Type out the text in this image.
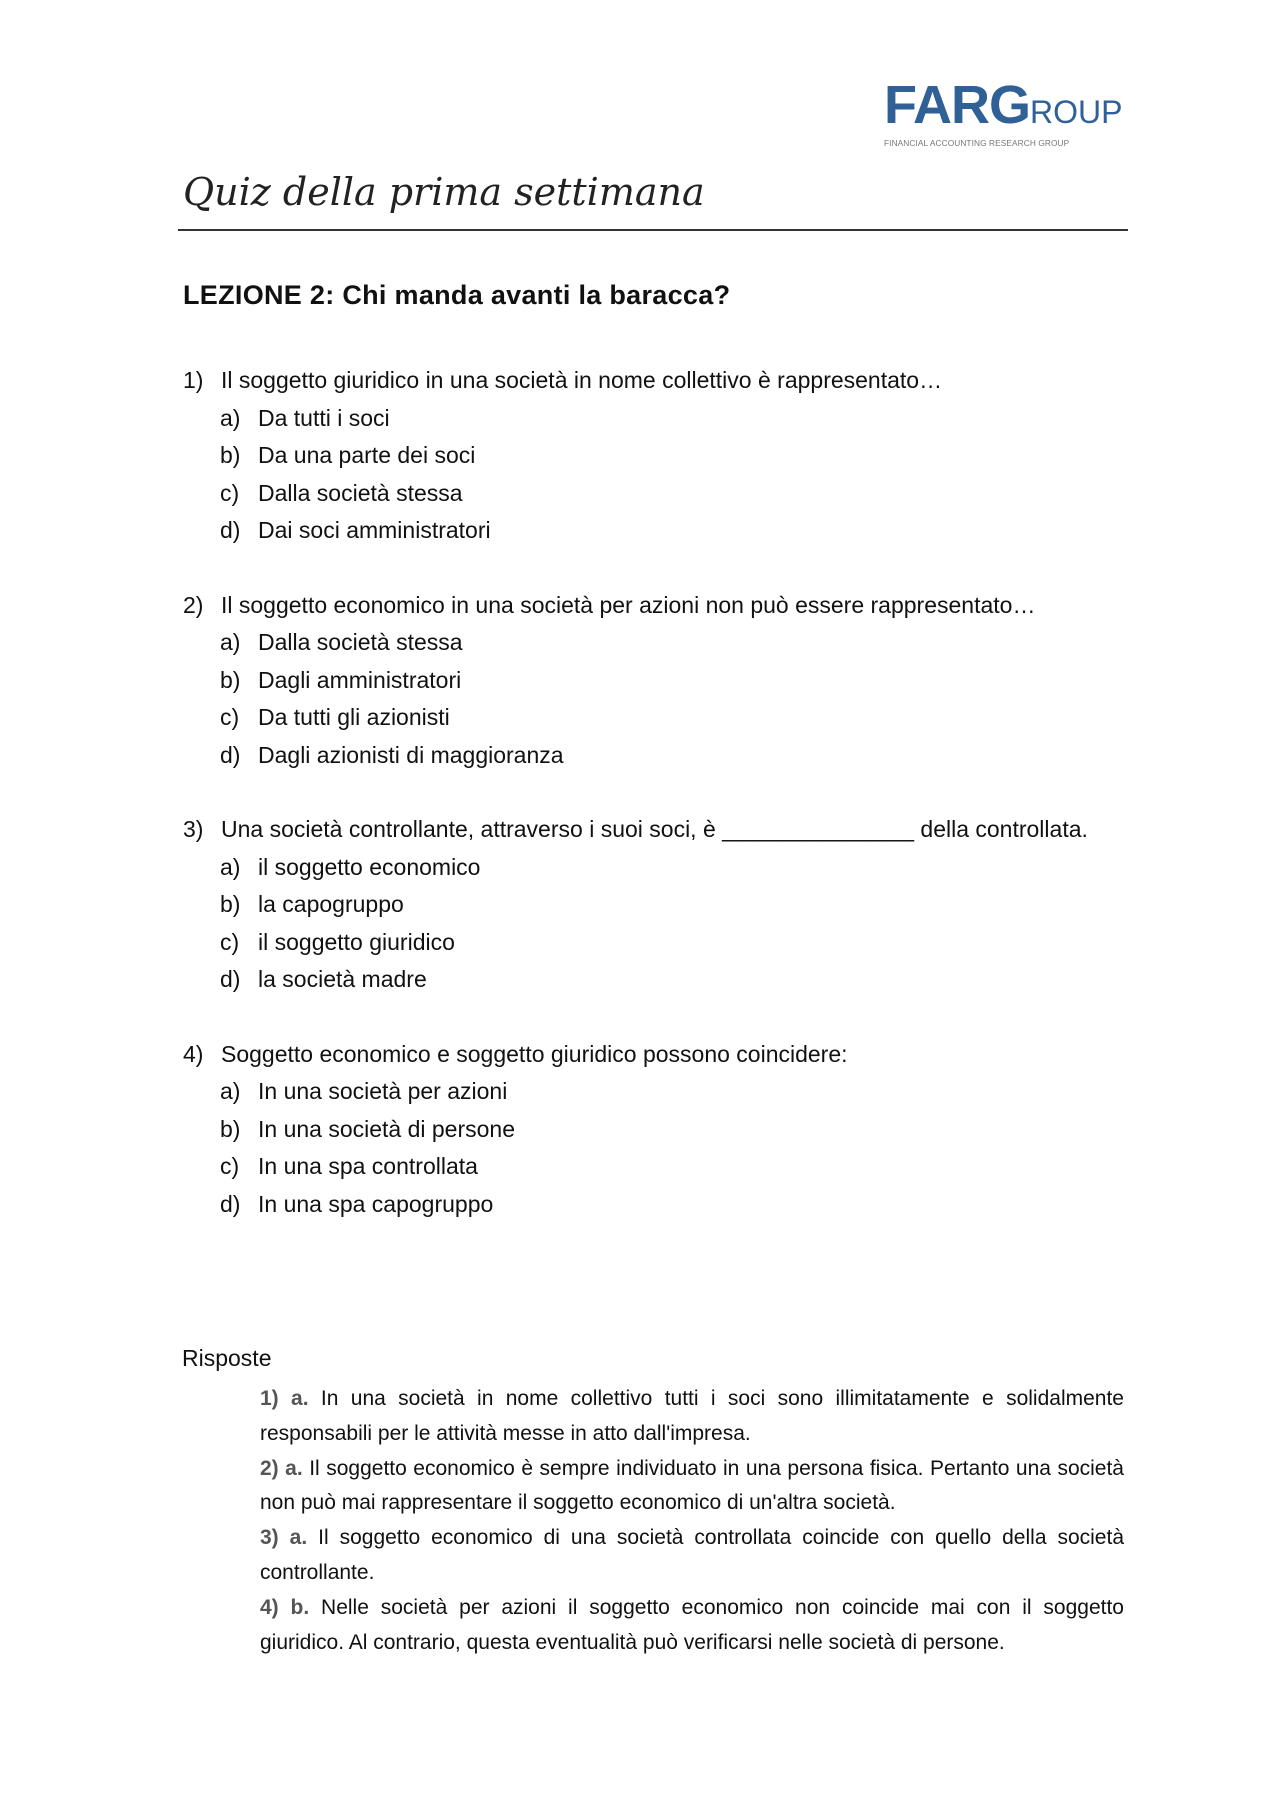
FARGROUP
FINANCIAL ACCOUNTING RESEARCH GROUP
Quiz della prima settimana
LEZIONE 2: Chi manda avanti la baracca?
1) Il soggetto giuridico in una società in nome collettivo è rappresentato…
a) Da tutti i soci
b) Da una parte dei soci
c) Dalla società stessa
d) Dai soci amministratori
2) Il soggetto economico in una società per azioni non può essere rappresentato…
a) Dalla società stessa
b) Dagli amministratori
c) Da tutti gli azionisti
d) Dagli azionisti di maggioranza
3) Una società controllante, attraverso i suoi soci, è _______________ della controllata.
a) il soggetto economico
b) la capogruppo
c) il soggetto giuridico
d) la società madre
4) Soggetto economico e soggetto giuridico possono coincidere:
a) In una società per azioni
b) In una società di persone
c) In una spa controllata
d) In una spa capogruppo
Risposte
1) a. In una società in nome collettivo tutti i soci sono illimitatamente e solidalmente responsabili per le attività messe in atto dall'impresa.
2) a. Il soggetto economico è sempre individuato in una persona fisica. Pertanto una società non può mai rappresentare il soggetto economico di un'altra società.
3) a. Il soggetto economico di una società controllata coincide con quello della società controllante.
4) b. Nelle società per azioni il soggetto economico non coincide mai con il soggetto giuridico. Al contrario, questa eventualità può verificarsi nelle società di persone.
